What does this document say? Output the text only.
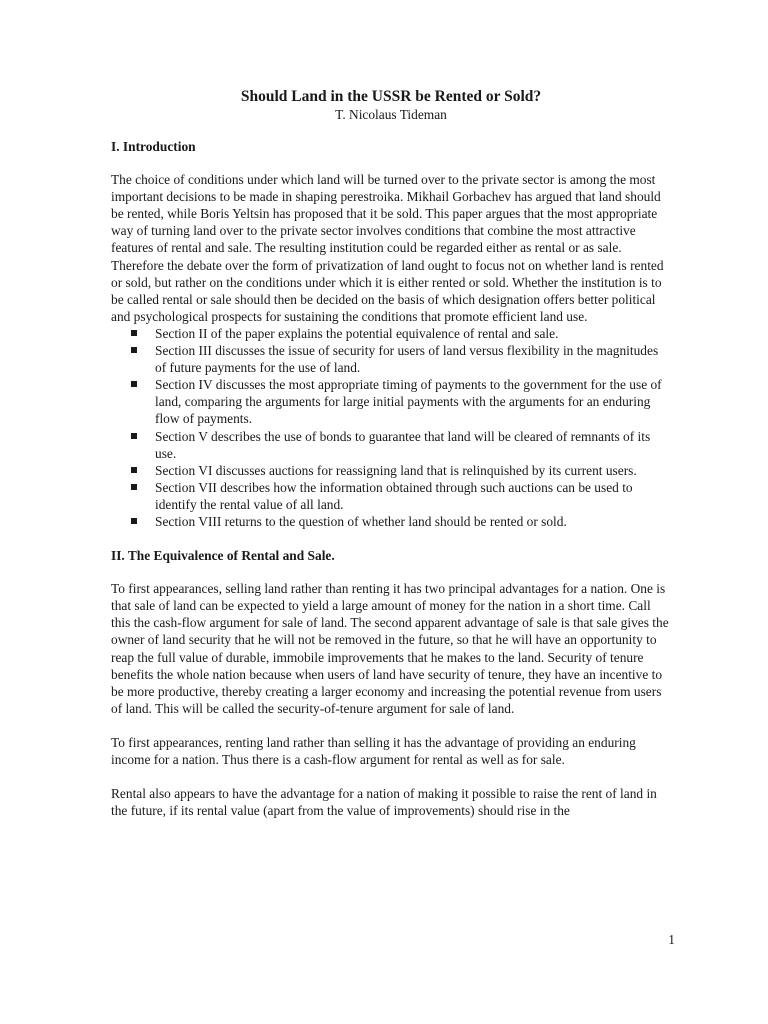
Should Land in the USSR be Rented or Sold?

T. Nicolaus Tideman

I. Introduction

The choice of conditions under which land will be turned over to the private sector is among the most important decisions to be made in shaping perestroika. Mikhail Gorbachev has argued that land should be rented, while Boris Yeltsin has proposed that it be sold. This paper argues that the most appropriate way of turning land over to the private sector involves conditions that combine the most attractive features of rental and sale. The resulting institution could be regarded either as rental or as sale. Therefore the debate over the form of privatization of land ought to focus not on whether land is rented or sold, but rather on the conditions under which it is either rented or sold. Whether the institution is to be called rental or sale should then be decided on the basis of which designation offers better political and psychological prospects for sustaining the conditions that promote efficient land use.

Section II of the paper explains the potential equivalence of rental and sale.
Section III discusses the issue of security for users of land versus flexibility in the magnitudes of future payments for the use of land.
Section IV discusses the most appropriate timing of payments to the government for the use of land, comparing the arguments for large initial payments with the arguments for an enduring flow of payments.
Section V describes the use of bonds to guarantee that land will be cleared of remnants of its use.
Section VI discusses auctions for reassigning land that is relinquished by its current users.
Section VII describes how the information obtained through such auctions can be used to identify the rental value of all land.
Section VIII returns to the question of whether land should be rented or sold.

II. The Equivalence of Rental and Sale.

To first appearances, selling land rather than renting it has two principal advantages for a nation. One is that sale of land can be expected to yield a large amount of money for the nation in a short time. Call this the cash-flow argument for sale of land. The second apparent advantage of sale is that sale gives the owner of land security that he will not be removed in the future, so that he will have an opportunity to reap the full value of durable, immobile improvements that he makes to the land. Security of tenure benefits the whole nation because when users of land have security of tenure, they have an incentive to be more productive, thereby creating a larger economy and increasing the potential revenue from users of land. This will be called the security-of-tenure argument for sale of land.

To first appearances, renting land rather than selling it has the advantage of providing an enduring income for a nation. Thus there is a cash-flow argument for rental as well as for sale.

Rental also appears to have the advantage for a nation of making it possible to raise the rent of land in the future, if its rental value (apart from the value of improvements) should rise in the

1
